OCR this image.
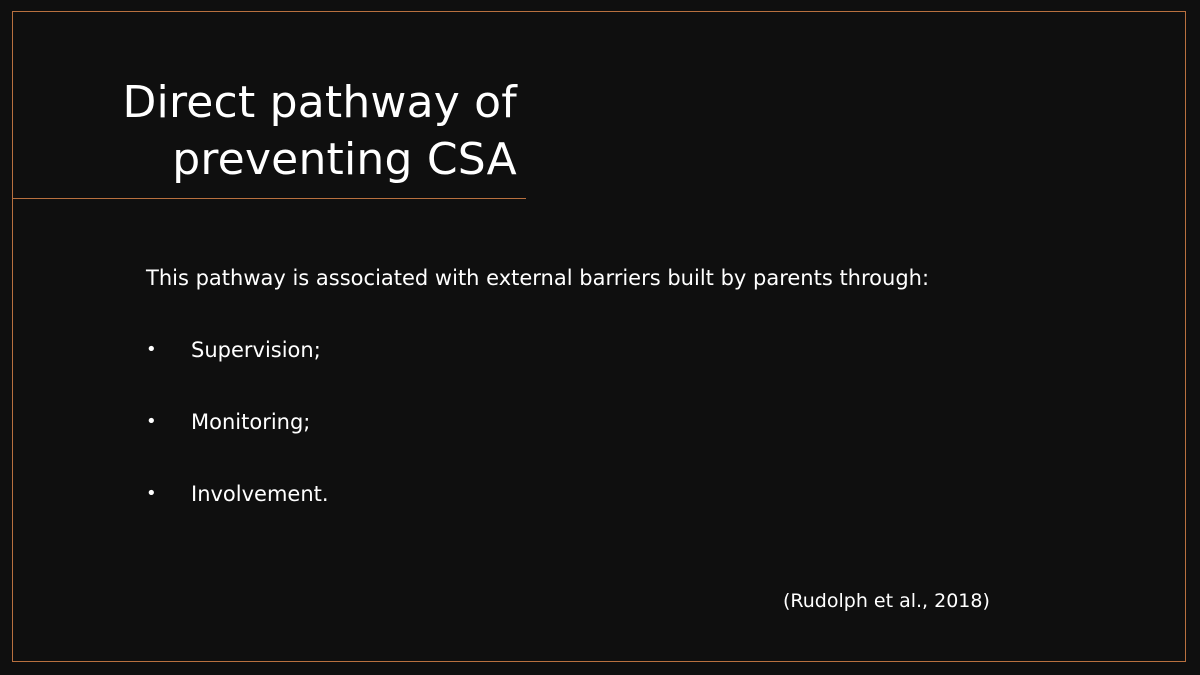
Direct pathway of
preventing CSA

This pathway is associated with external barriers built by parents through:

• Supervision;
• Monitoring;
• Involvement.

(Rudolph et al., 2018)
